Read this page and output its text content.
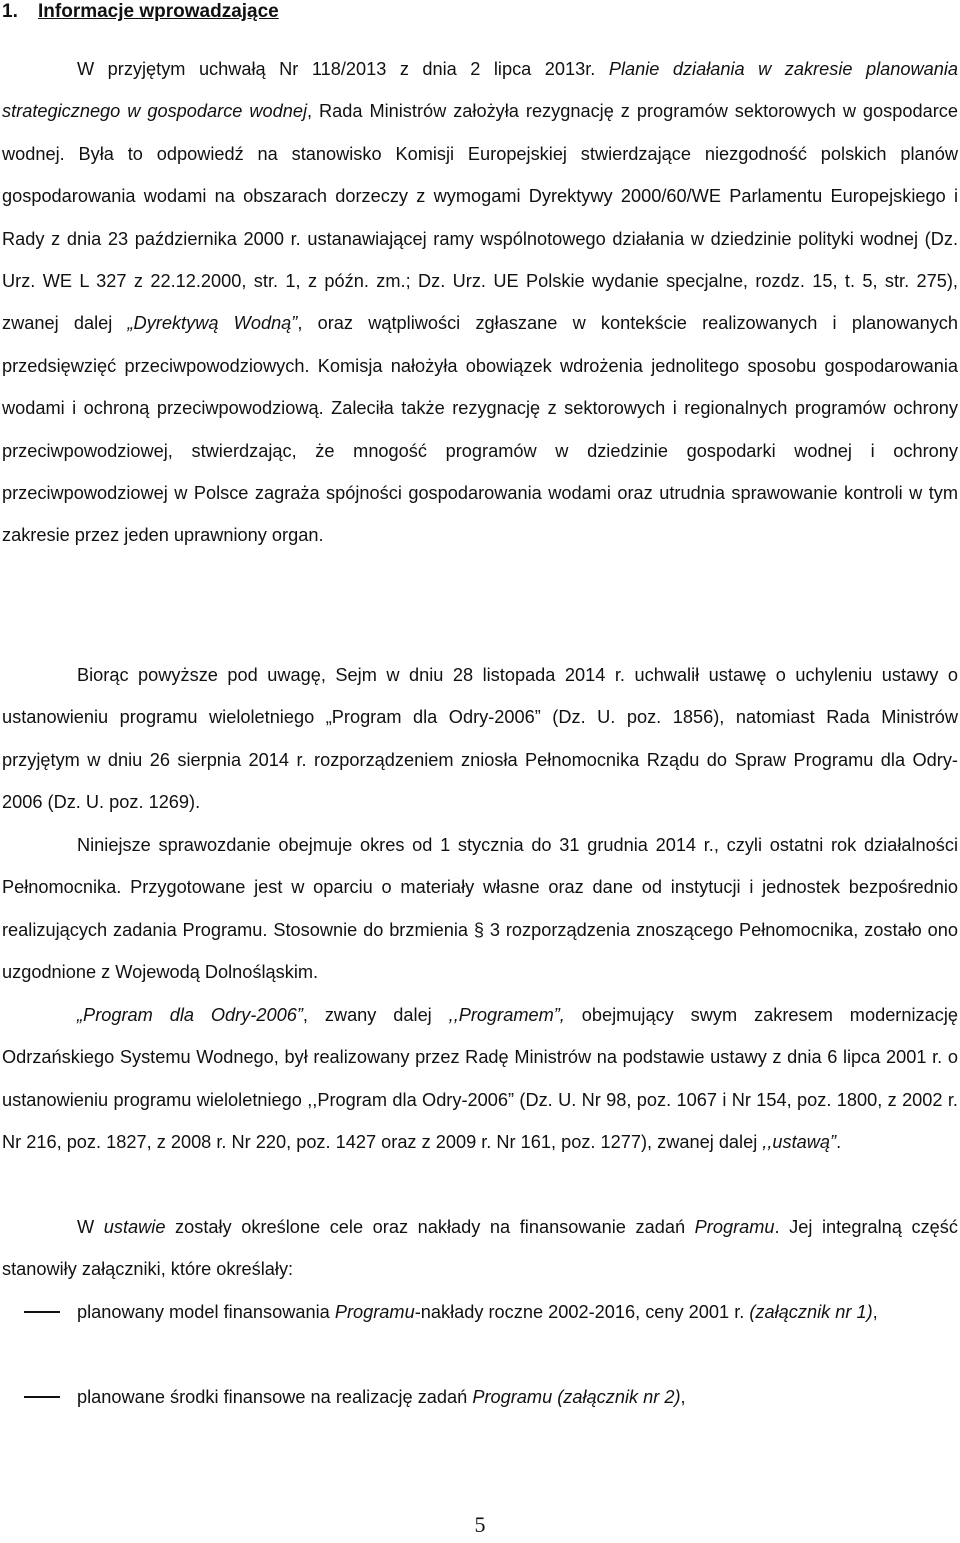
1. Informacje wprowadzające

W przyjętym uchwałą Nr 118/2013 z dnia 2 lipca 2013r. Planie działania w zakresie planowania strategicznego w gospodarce wodnej, Rada Ministrów założyła rezygnację z programów sektorowych w gospodarce wodnej. Była to odpowiedź na stanowisko Komisji Europejskiej stwierdzające niezgodność polskich planów gospodarowania wodami na obszarach dorzeczy z wymogami Dyrektywy 2000/60/WE Parlamentu Europejskiego i Rady z dnia 23 października 2000 r. ustanawiającej ramy wspólnotowego działania w dziedzinie polityki wodnej (Dz. Urz. WE L 327 z 22.12.2000, str. 1, z późn. zm.; Dz. Urz. UE Polskie wydanie specjalne, rozdz. 15, t. 5, str. 275), zwanej dalej „Dyrektywą Wodną”, oraz wątpliwości zgłaszane w kontekście realizowanych i planowanych przedsięwzięć przeciwpowodziowych. Komisja nałożyła obowiązek wdrożenia jednolitego sposobu gospodarowania wodami i ochroną przeciwpowodziową. Zaleciła także rezygnację z sektorowych i regionalnych programów ochrony przeciwpowodziowej, stwierdzając, że mnogość programów w dziedzinie gospodarki wodnej i ochrony przeciwpowodziowej w Polsce zagraża spójności gospodarowania wodami oraz utrudnia sprawowanie kontroli w tym zakresie przez jeden uprawniony organ.

Biorąc powyższe pod uwagę, Sejm w dniu 28 listopada 2014 r. uchwalił ustawę o uchyleniu ustawy o ustanowieniu programu wieloletniego „Program dla Odry-2006” (Dz. U. poz. 1856), natomiast Rada Ministrów przyjętym w dniu 26 sierpnia 2014 r. rozporządzeniem zniosła Pełnomocnika Rządu do Spraw Programu dla Odry-2006 (Dz. U. poz. 1269).

Niniejsze sprawozdanie obejmuje okres od 1 stycznia do 31 grudnia 2014 r., czyli ostatni rok działalności Pełnomocnika. Przygotowane jest w oparciu o materiały własne oraz dane od instytucji i jednostek bezpośrednio realizujących zadania Programu. Stosownie do brzmienia § 3 rozporządzenia znoszącego Pełnomocnika, zostało ono uzgodnione z Wojewodą Dolnośląskim.

„Program dla Odry-2006”, zwany dalej ,,Programem”, obejmujący swym zakresem modernizację Odrzańskiego Systemu Wodnego, był realizowany przez Radę Ministrów na podstawie ustawy z dnia 6 lipca 2001 r. o ustanowieniu programu wieloletniego ,,Program dla Odry-2006” (Dz. U. Nr 98, poz. 1067 i Nr 154, poz. 1800, z 2002 r. Nr 216, poz. 1827, z 2008 r. Nr 220, poz. 1427 oraz z 2009 r. Nr 161, poz. 1277), zwanej dalej ,,ustawą”.

W ustawie zostały określone cele oraz nakłady na finansowanie zadań Programu. Jej integralną część stanowiły załączniki, które określały:

planowany model finansowania Programu-nakłady roczne 2002-2016, ceny 2001 r. (załącznik nr 1),
planowane środki finansowe na realizację zadań Programu (załącznik nr 2),

5
